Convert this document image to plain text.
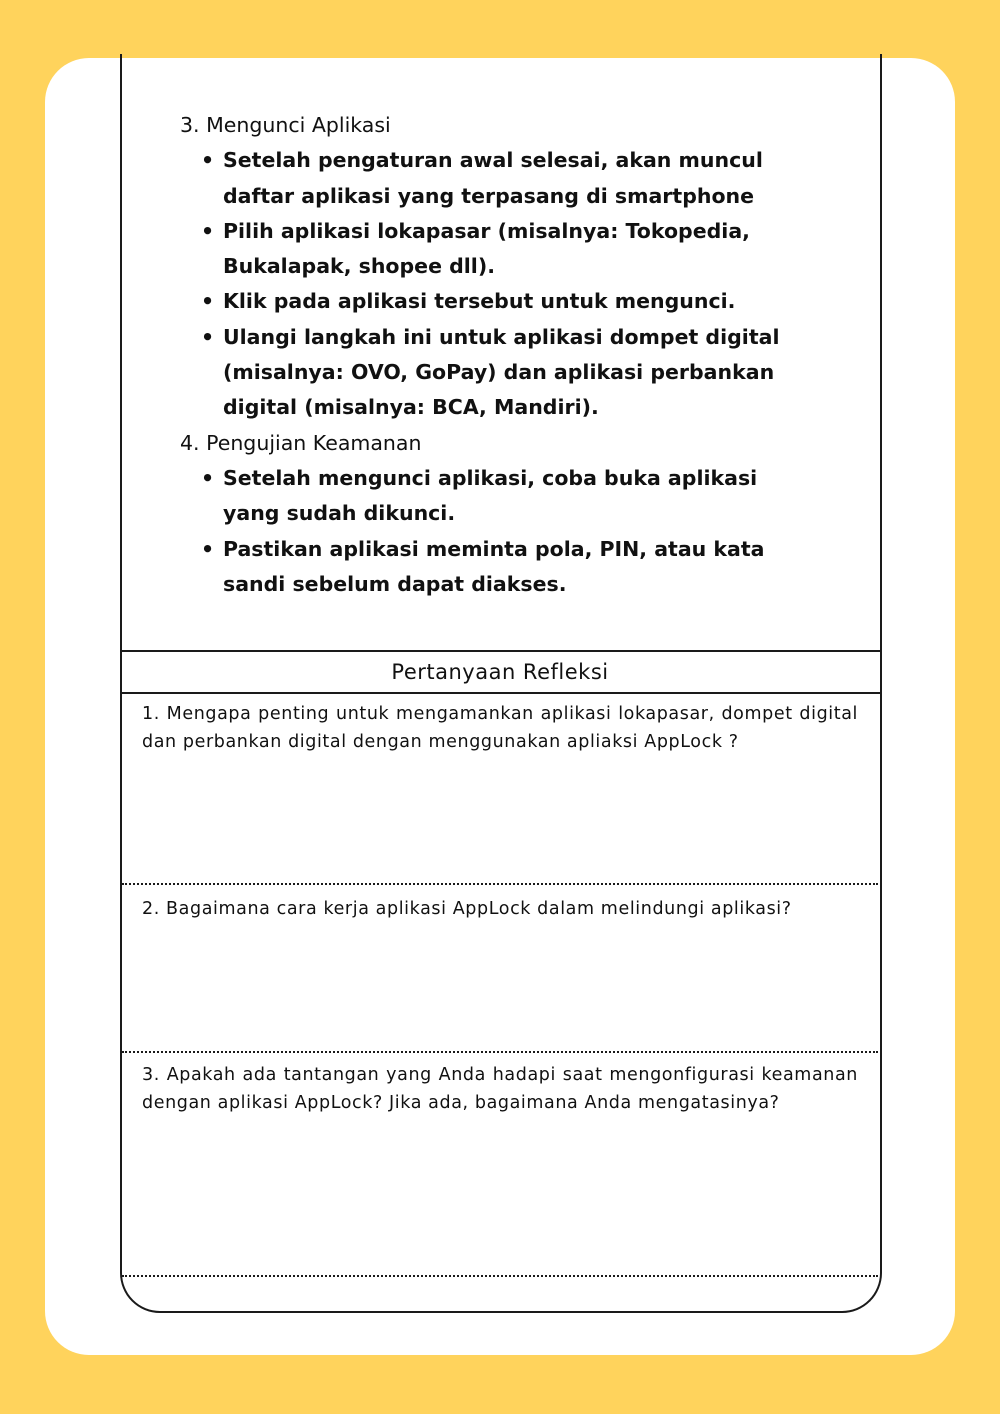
3. Mengunci Aplikasi
• Setelah pengaturan awal selesai, akan muncul daftar aplikasi yang terpasang di smartphone
• Pilih aplikasi lokapasar (misalnya: Tokopedia, Bukalapak, shopee dll).
• Klik pada aplikasi tersebut untuk mengunci.
• Ulangi langkah ini untuk aplikasi dompet digital (misalnya: OVO, GoPay) dan aplikasi perbankan digital (misalnya: BCA, Mandiri).
4. Pengujian Keamanan
• Setelah mengunci aplikasi, coba buka aplikasi yang sudah dikunci.
• Pastikan aplikasi meminta pola, PIN, atau kata sandi sebelum dapat diakses.
Pertanyaan Refleksi
1. Mengapa penting untuk mengamankan aplikasi lokapasar, dompet digital dan perbankan digital dengan menggunakan apliaksi AppLock ?
2. Bagaimana cara kerja aplikasi AppLock dalam melindungi aplikasi?
3. Apakah ada tantangan yang Anda hadapi saat mengonfigurasi keamanan dengan aplikasi AppLock? Jika ada, bagaimana Anda mengatasinya?
